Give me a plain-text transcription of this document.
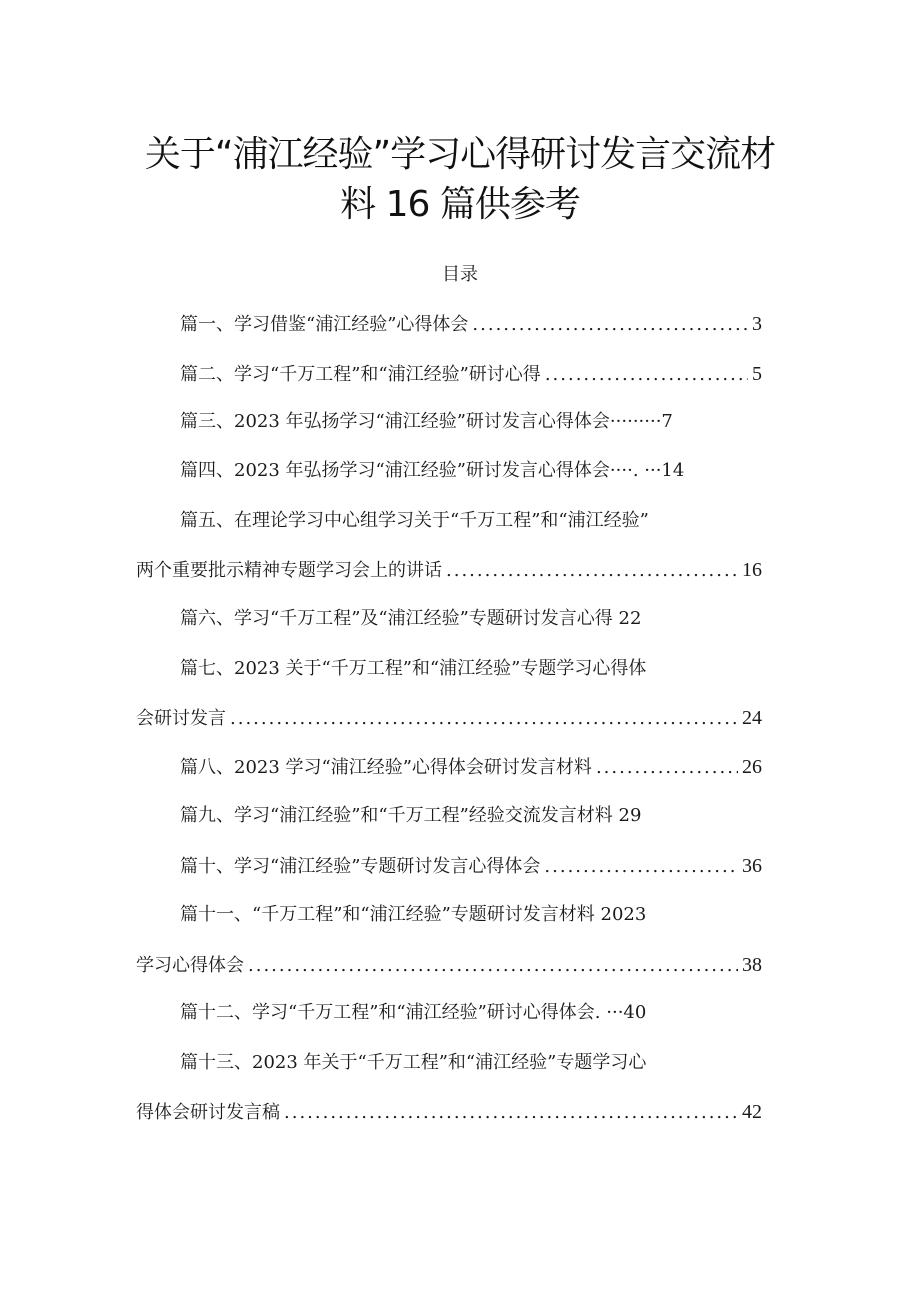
关于“浦江经验”学习心得研讨发言交流材
料 16 篇供参考
目录
篇一、学习借鉴“浦江经验”心得体会 .....	3
篇二、学习“千万工程”和“浦江经验”研讨心得 .....	5
篇三、2023 年弘扬学习“浦江经验”研讨发言心得体会·········7
篇四、2023 年弘扬学习“浦江经验”研讨发言心得体会····. ···14
篇五、在理论学习中心组学习关于“千万工程”和“浦江经验”
两个重要批示精神专题学习会上的讲话 .....	16
篇六、学习“千万工程”及“浦江经验”专题研讨发言心得 22
篇七、2023 关于“千万工程”和“浦江经验”专题学习心得体
会研讨发言 .....	24
篇八、2023 学习“浦江经验”心得体会研讨发言材料 .....	26
篇九、学习“浦江经验”和“千万工程”经验交流发言材料 29
篇十、学习“浦江经验”专题研讨发言心得体会 .....	36
篇十一、“千万工程”和“浦江经验”专题研讨发言材料 2023
学习心得体会 .....	38
篇十二、学习“千万工程”和“浦江经验”研讨心得体会. ···40
篇十三、2023 年关于“千万工程”和“浦江经验”专题学习心
得体会研讨发言稿 .....	42
